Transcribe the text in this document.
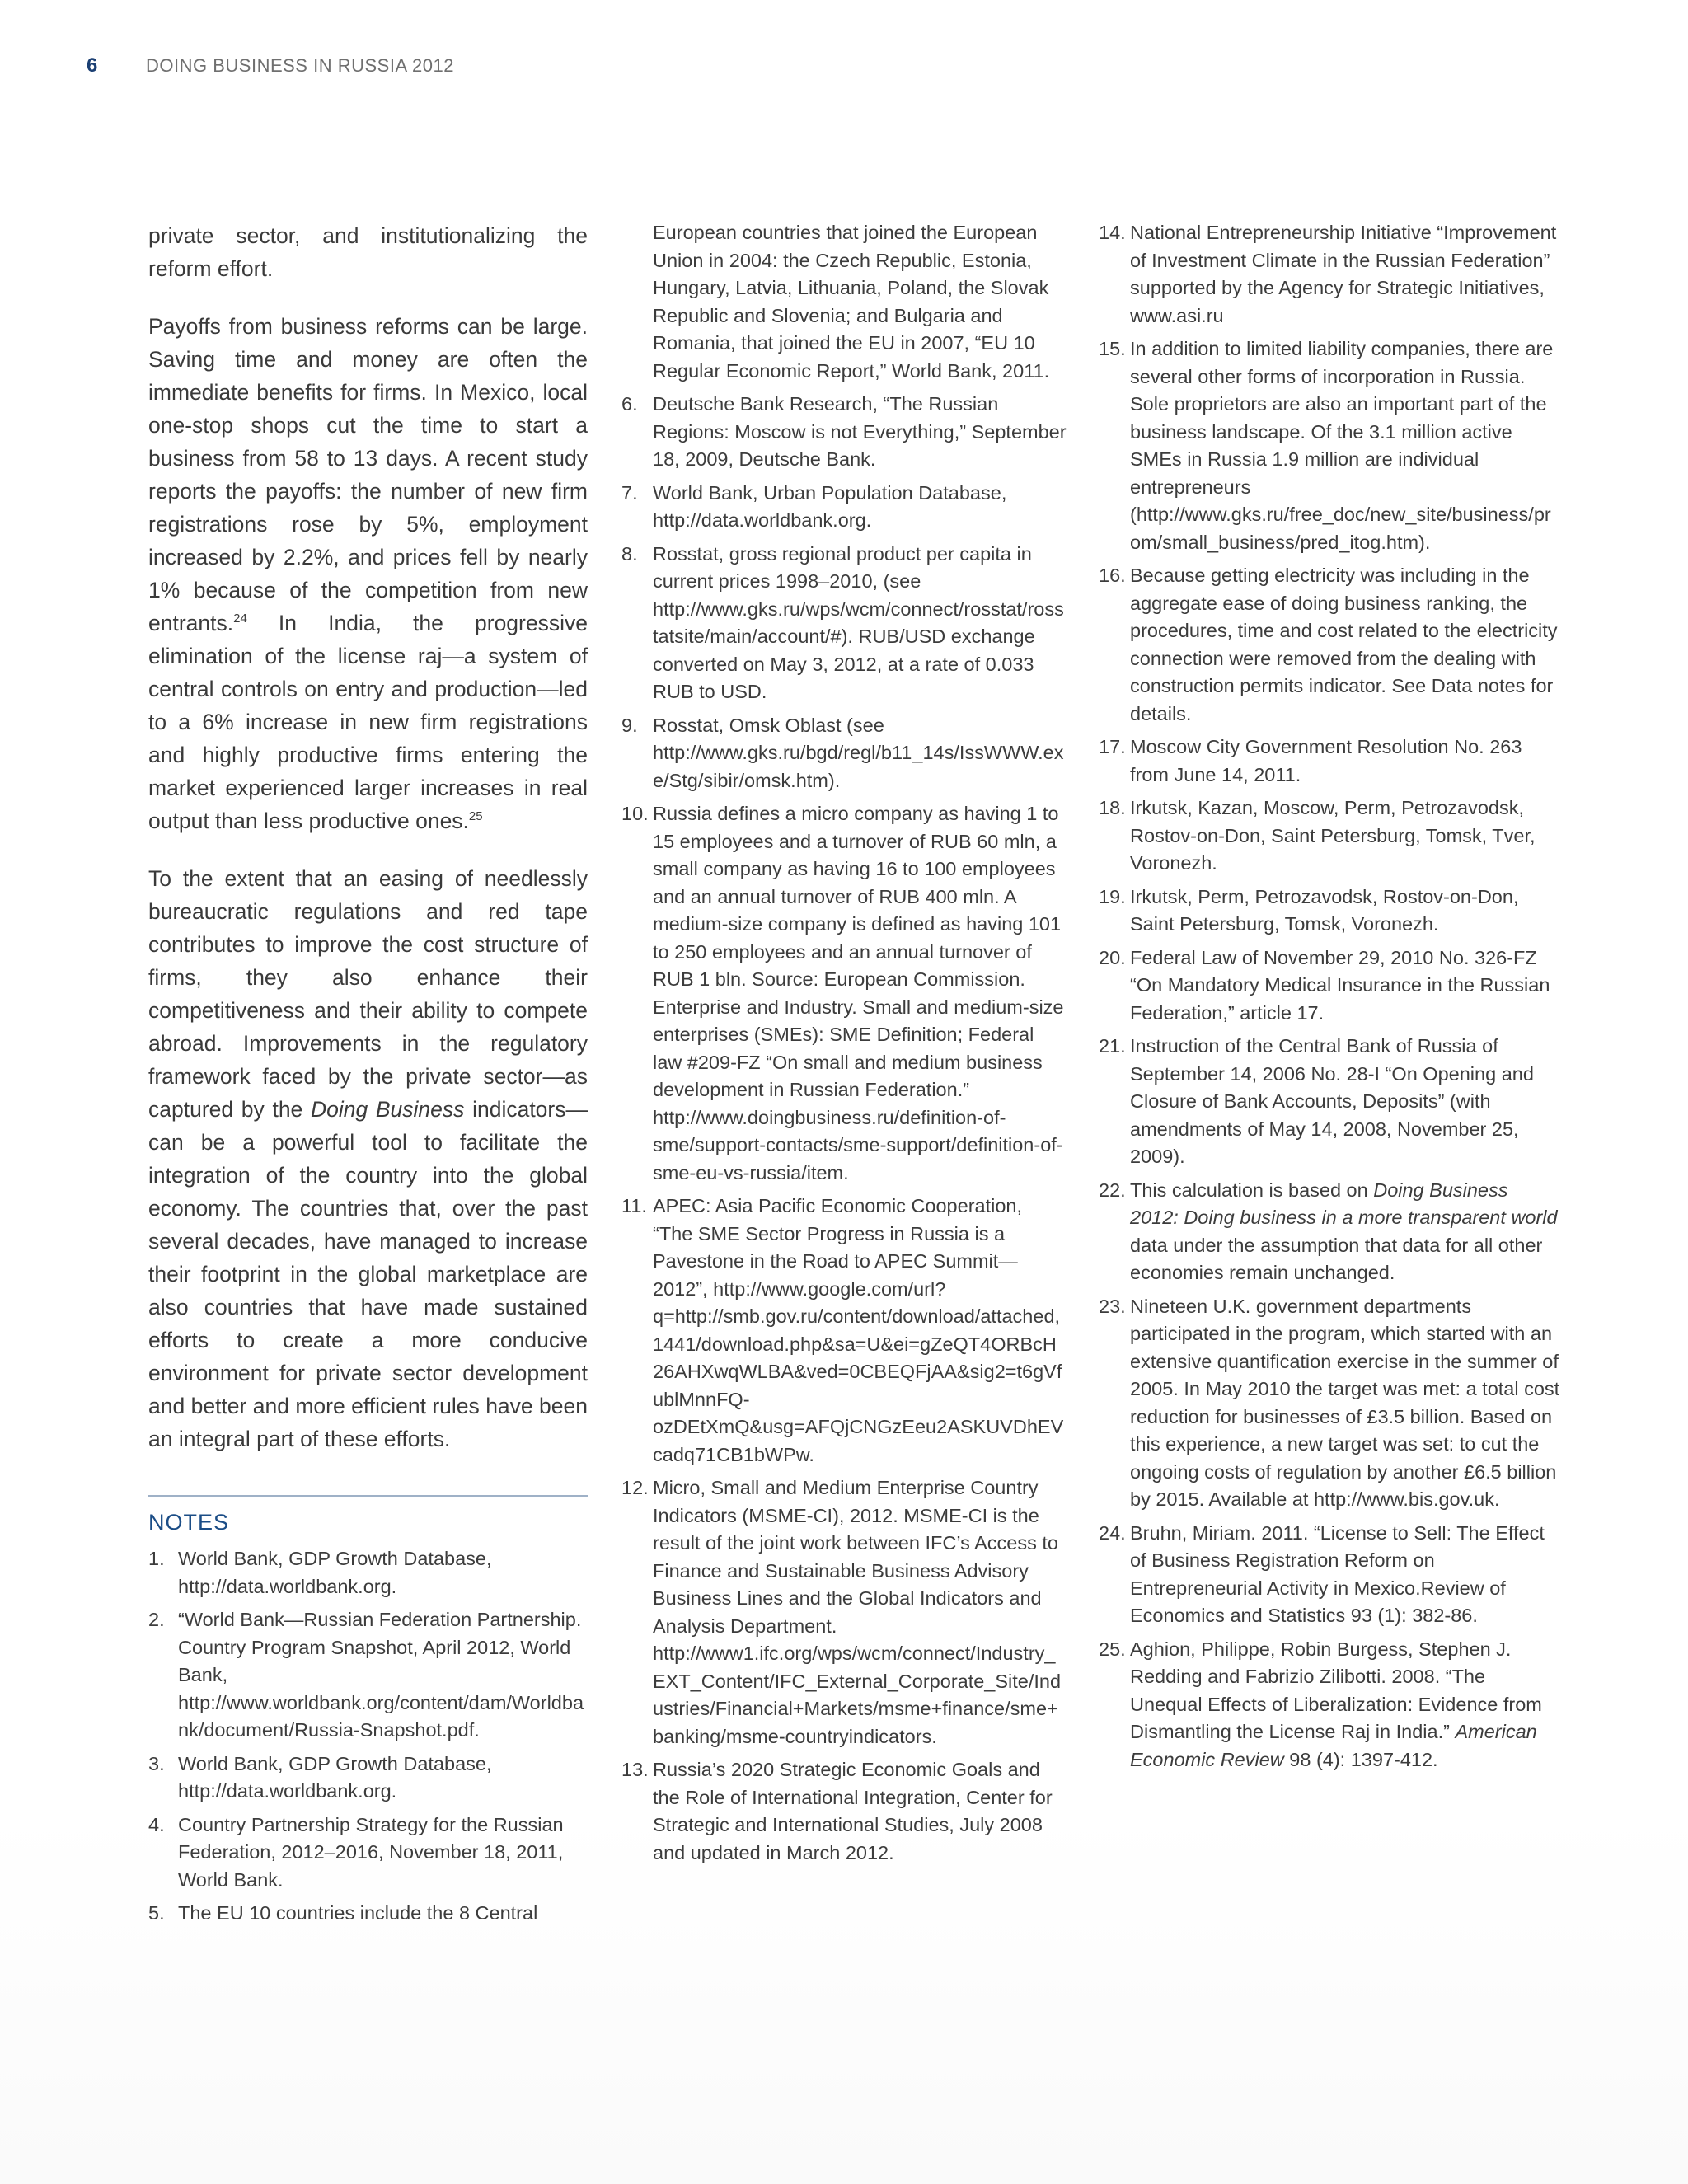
6	DOING BUSINESS IN RUSSIA 2012

private sector, and institutionalizing the reform effort.

Payoffs from business reforms can be large. Saving time and money are often the immediate benefits for firms. In Mexico, local one-stop shops cut the time to start a business from 58 to 13 days. A recent study reports the payoffs: the number of new firm registrations rose by 5%, employment increased by 2.2%, and prices fell by nearly 1% because of the competition from new entrants.$^{24}$ In India, the progressive elimination of the license raj—a system of central controls on entry and production—led to a 6% increase in new firm registrations and highly productive firms entering the market experienced larger increases in real output than less productive ones.$^{25}$

To the extent that an easing of needlessly bureaucratic regulations and red tape contributes to improve the cost structure of firms, they also enhance their competitiveness and their ability to compete abroad. Improvements in the regulatory framework faced by the private sector—as captured by the Doing Business indicators—can be a powerful tool to facilitate the integration of the country into the global economy. The countries that, over the past several decades, have managed to increase their footprint in the global marketplace are also countries that have made sustained efforts to create a more conducive environment for private sector development and better and more efficient rules have been an integral part of these efforts.

NOTES
1. World Bank, GDP Growth Database, http://data.worldbank.org.
2. “World Bank—Russian Federation Partnership. Country Program Snapshot, April 2012, World Bank, http://www.worldbank.org/content/dam/Worldbank/document/Russia-Snapshot.pdf.
3. World Bank, GDP Growth Database, http://data.worldbank.org.
4. Country Partnership Strategy for the Russian Federation, 2012–2016, November 18, 2011, World Bank.
5. The EU 10 countries include the 8 Central
European countries that joined the European Union in 2004: the Czech Republic, Estonia, Hungary, Latvia, Lithuania, Poland, the Slovak Republic and Slovenia; and Bulgaria and Romania, that joined the EU in 2007, “EU 10 Regular Economic Report,” World Bank, 2011.
6. Deutsche Bank Research, “The Russian Regions: Moscow is not Everything,” September 18, 2009, Deutsche Bank.
7. World Bank, Urban Population Database, http://data.worldbank.org.
8. Rosstat, gross regional product per capita in current prices 1998–2010, (see http://www.gks.ru/wps/wcm/connect/rosstat/rosstatsite/main/account/#). RUB/USD exchange converted on May 3, 2012, at a rate of 0.033 RUB to USD.
9. Rosstat, Omsk Oblast (see http://www.gks.ru/bgd/regl/b11_14s/IssWWW.exe/Stg/sibir/omsk.htm).
10. Russia defines a micro company as having 1 to 15 employees and a turnover of RUB 60 mln, a small company as having 16 to 100 employees and an annual turnover of RUB 400 mln. A medium-size company is defined as having 101 to 250 employees and an annual turnover of RUB 1 bln. Source: European Commission. Enterprise and Industry. Small and medium-size enterprises (SMEs): SME Definition; Federal law #209-FZ “On small and medium business development in Russian Federation.” http://www.doingbusiness.ru/definition-of-sme/support-contacts/sme-support/definition-of-sme-eu-vs-russia/item.
11. APEC: Asia Pacific Economic Cooperation, “The SME Sector Progress in Russia is a Pavestone in the Road to APEC Summit—2012”, http://www.google.com/url?q=http://smb.gov.ru/content/download/attached,1441/download.php&sa=U&ei=gZeQT4ORBcH26AHXwqWLBA&ved=0CBEQFjAA&sig2=t6gVfublMnnFQ-ozDEtXmQ&usg=AFQjCNGzEeu2ASKUVDhEVcadq71CB1bWPw.
12. Micro, Small and Medium Enterprise Country Indicators (MSME-CI), 2012. MSME-CI is the result of the joint work between IFC’s Access to Finance and Sustainable Business Advisory Business Lines and the Global Indicators and Analysis Department. http://www1.ifc.org/wps/wcm/connect/Industry_EXT_Content/IFC_External_Corporate_Site/Industries/Financial+Markets/msme+finance/sme+banking/msme-countryindicators.
13. Russia’s 2020 Strategic Economic Goals and the Role of International Integration, Center for Strategic and International Studies, July 2008 and updated in March 2012.
14. National Entrepreneurship Initiative “Improvement of Investment Climate in the Russian Federation” supported by the Agency for Strategic Initiatives, www.asi.ru
15. In addition to limited liability companies, there are several other forms of incorporation in Russia. Sole proprietors are also an important part of the business landscape. Of the 3.1 million active SMEs in Russia 1.9 million are individual entrepreneurs (http://www.gks.ru/free_doc/new_site/business/prom/small_business/pred_itog.htm).
16. Because getting electricity was including in the aggregate ease of doing business ranking, the procedures, time and cost related to the electricity connection were removed from the dealing with construction permits indicator. See Data notes for details.
17. Moscow City Government Resolution No. 263 from June 14, 2011.
18. Irkutsk, Kazan, Moscow, Perm, Petrozavodsk, Rostov-on-Don, Saint Petersburg, Tomsk, Tver, Voronezh.
19. Irkutsk, Perm, Petrozavodsk, Rostov-on-Don, Saint Petersburg, Tomsk, Voronezh.
20. Federal Law of November 29, 2010 No. 326-FZ “On Mandatory Medical Insurance in the Russian Federation,” article 17.
21. Instruction of the Central Bank of Russia of September 14, 2006 No. 28-I “On Opening and Closure of Bank Accounts, Deposits” (with amendments of May 14, 2008, November 25, 2009).
22. This calculation is based on Doing Business 2012: Doing business in a more transparent world data under the assumption that data for all other economies remain unchanged.
23. Nineteen U.K. government departments participated in the program, which started with an extensive quantification exercise in the summer of 2005. In May 2010 the target was met: a total cost reduction for businesses of £3.5 billion. Based on this experience, a new target was set: to cut the ongoing costs of regulation by another £6.5 billion by 2015. Available at http://www.bis.gov.uk.
24. Bruhn, Miriam. 2011. “License to Sell: The Effect of Business Registration Reform on Entrepreneurial Activity in Mexico.Review of Economics and Statistics 93 (1): 382-86.
25. Aghion, Philippe, Robin Burgess, Stephen J. Redding and Fabrizio Zilibotti. 2008. “The Unequal Effects of Liberalization: Evidence from Dismantling the License Raj in India.” American Economic Review 98 (4): 1397-412.
